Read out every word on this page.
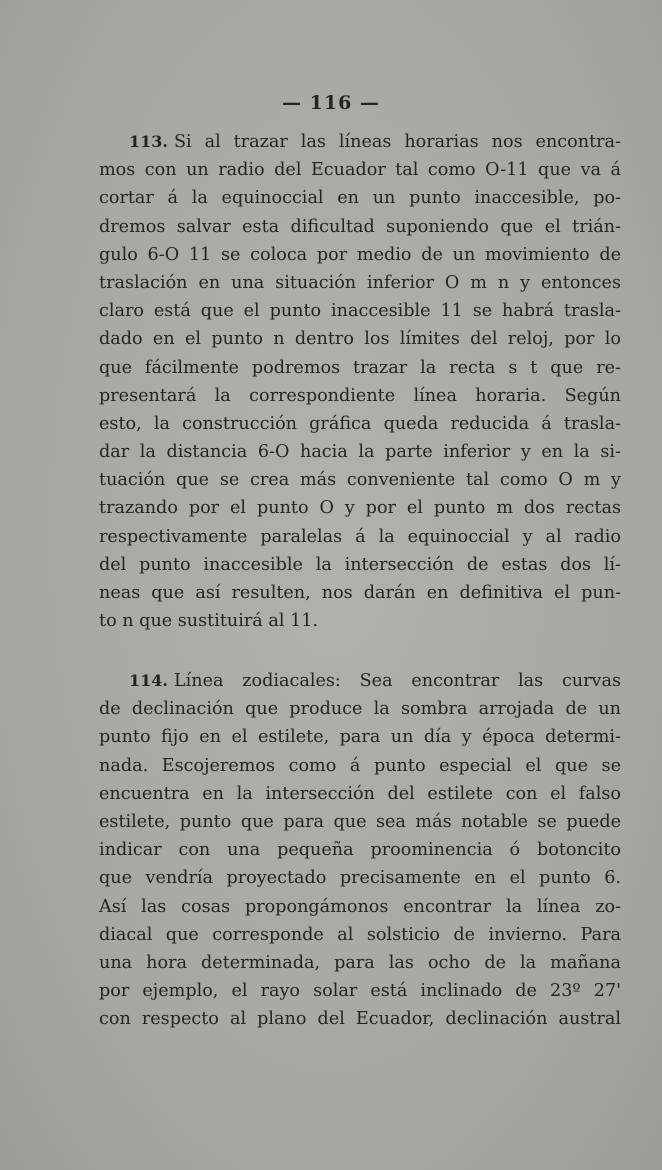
— 116 —
113. Si al trazar las líneas horarias nos encontra-
mos con un radio del Ecuador tal como O-11 que va á
cortar á la equinoccial en un punto inaccesible, po-
dremos salvar esta dificultad suponiendo que el trián-
gulo 6-O 11 se coloca por medio de un movimiento de
traslación en una situación inferior O m n y entonces
claro está que el punto inaccesible 11 se habrá trasla-
dado en el punto n dentro los límites del reloj, por lo
que fácilmente podremos trazar la recta s t que re-
presentará la correspondiente línea horaria. Según
esto, la construcción gráfica queda reducida á trasla-
dar la distancia 6-O hacia la parte inferior y en la si-
tuación que se crea más conveniente tal como O m y
trazando por el punto O y por el punto m dos rectas
respectivamente paralelas á la equinoccial y al radio
del punto inaccesible la intersección de estas dos lí-
neas que así resulten, nos darán en definitiva el pun-
to n que sustituirá al 11.
114. Línea zodiacales: Sea encontrar las curvas
de declinación que produce la sombra arrojada de un
punto fijo en el estilete, para un día y época determi-
nada. Escojeremos como á punto especial el que se
encuentra en la intersección del estilete con el falso
estilete, punto que para que sea más notable se puede
indicar con una pequeña proominencia ó botoncito
que vendría proyectado precisamente en el punto 6.
Así las cosas propongámonos encontrar la línea zo-
diacal que corresponde al solsticio de invierno. Para
una hora determinada, para las ocho de la mañana
por ejemplo, el rayo solar está inclinado de 23º 27'
con respecto al plano del Ecuador, declinación austral
